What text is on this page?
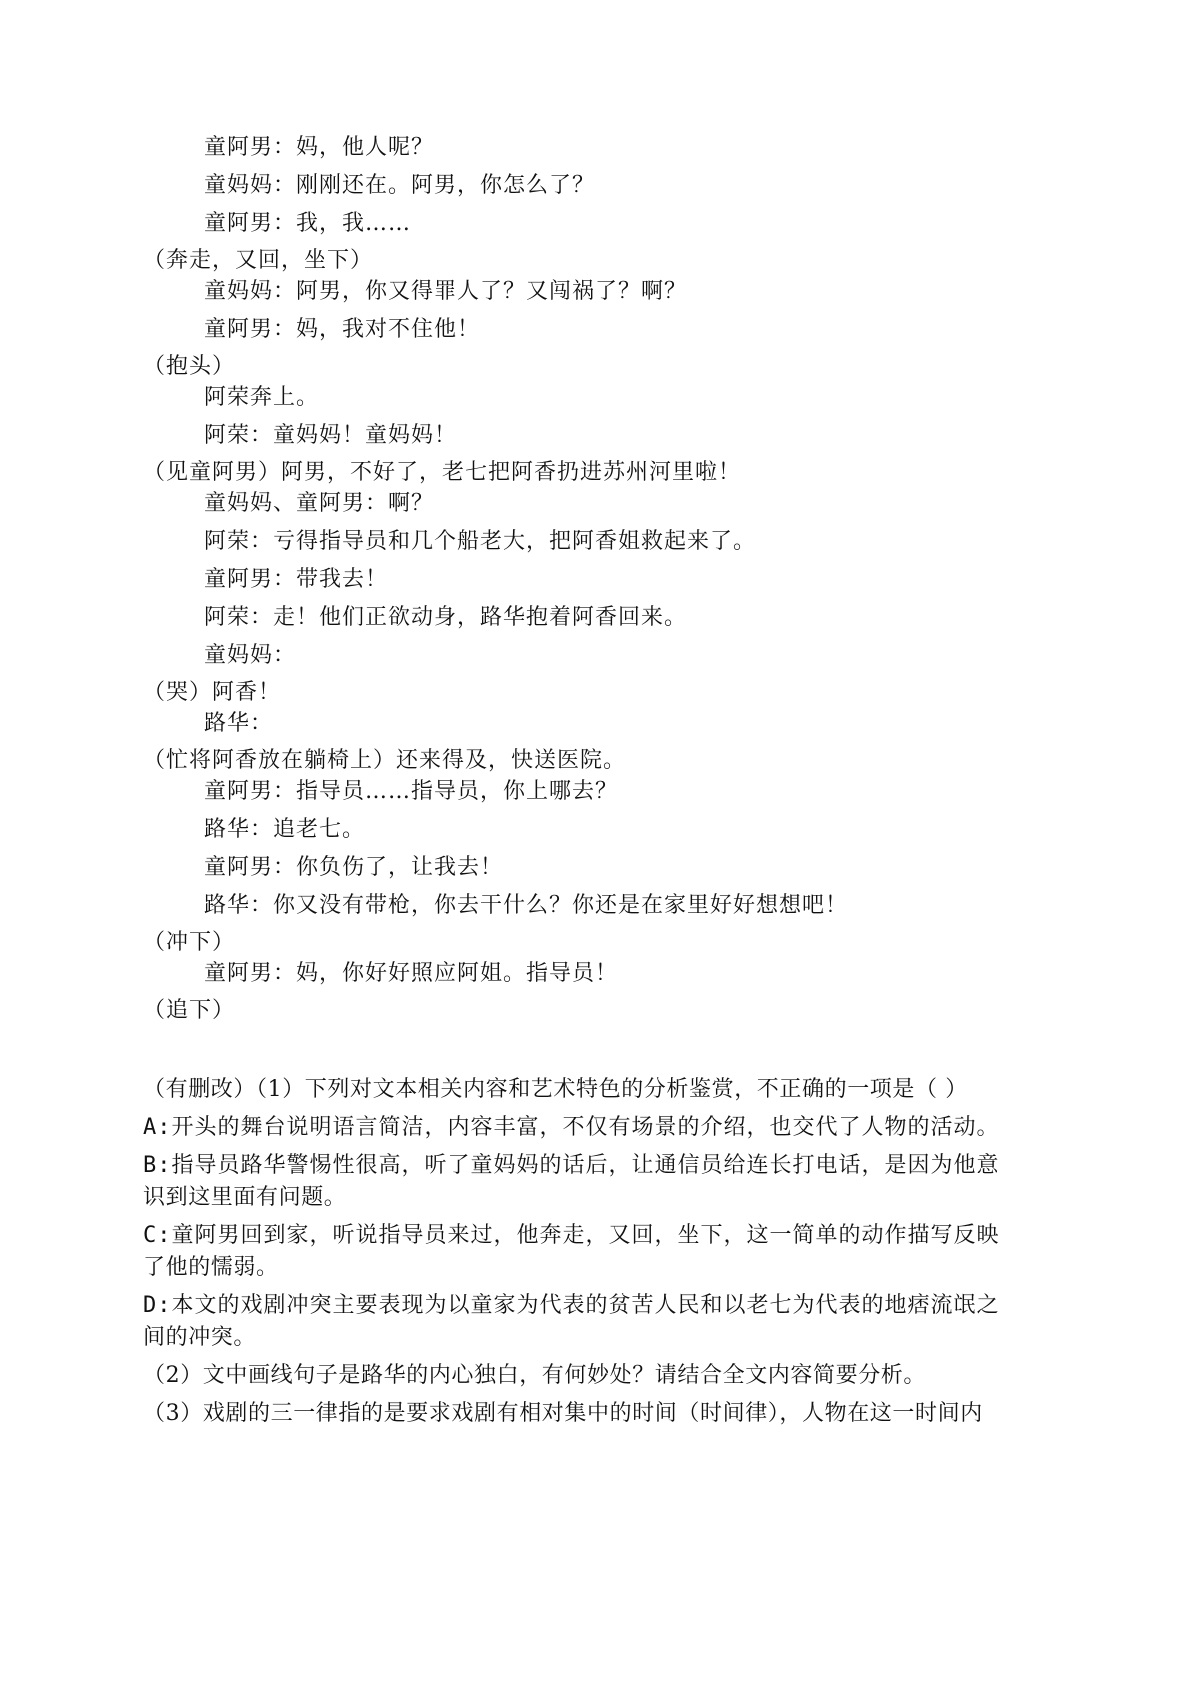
童阿男：妈，他人呢？
童妈妈：刚刚还在。阿男，你怎么了？
童阿男：我，我……
（奔走，又回，坐下）
童妈妈：阿男，你又得罪人了？又闯祸了？啊？
童阿男：妈，我对不住他！
（抱头）
阿荣奔上。
阿荣：童妈妈！童妈妈！
（见童阿男）阿男，不好了，老七把阿香扔进苏州河里啦！
童妈妈、童阿男：啊？
阿荣：亏得指导员和几个船老大，把阿香姐救起来了。
童阿男：带我去！
阿荣：走！他们正欲动身，路华抱着阿香回来。
童妈妈：
（哭）阿香！
路华：
（忙将阿香放在躺椅上）还来得及，快送医院。
童阿男：指导员……指导员，你上哪去？
路华：追老七。
童阿男：你负伤了，让我去！
路华：你又没有带枪，你去干什么？你还是在家里好好想想吧！
（冲下）
童阿男：妈，你好好照应阿姐。指导员！
（追下）
（有删改）（1）下列对文本相关内容和艺术特色的分析鉴赏，不正确的一项是（ ）
A:开头的舞台说明语言简洁，内容丰富，不仅有场景的介绍，也交代了人物的活动。
B:指导员路华警惕性很高，听了童妈妈的话后，让通信员给连长打电话，是因为他意
识到这里面有问题。
C:童阿男回到家，听说指导员来过，他奔走，又回，坐下，这一简单的动作描写反映
了他的懦弱。
D:本文的戏剧冲突主要表现为以童家为代表的贫苦人民和以老七为代表的地痞流氓之
间的冲突。
（2）文中画线句子是路华的内心独白，有何妙处？请结合全文内容简要分析。
（3）戏剧的三一律指的是要求戏剧有相对集中的时间（时间律），人物在这一时间内
